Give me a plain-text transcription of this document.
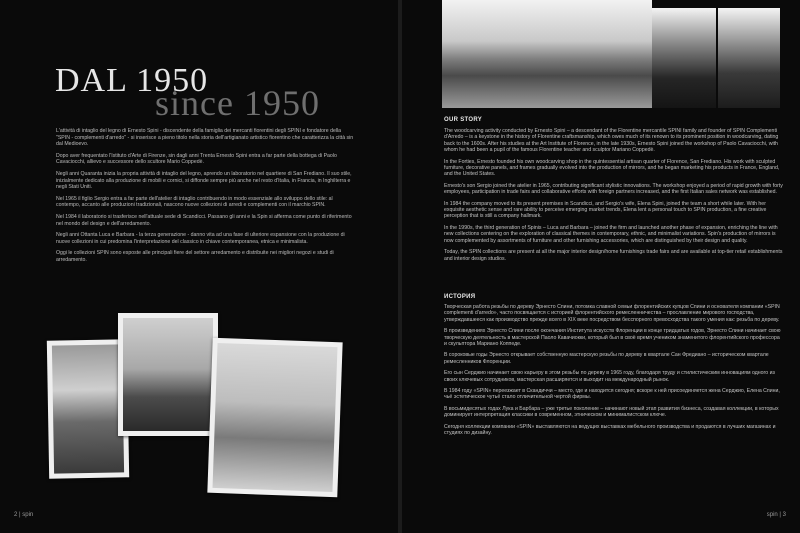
DAL 1950
since 1950

L'attività di intaglio del legno di Ernesto Spini - discendente della famiglia dei mercanti fiorentini degli SPINI e fondatore della "SPIN - complementi d'arredo" - si inserisce a pieno titolo nella storia dell'artigianato artistico fiorentino che caratterizza la città sin dal Medioevo.

Dopo aver frequentato l'Istituto d'Arte di Firenze, sin dagli anni Trenta Ernesto Spini entra a far parte della bottega di Paolo Cavaciocchi, allievo e successore dello scultore Mario Coppedè.

Negli anni Quaranta inizia la propria attività di intaglio del legno, aprendo un laboratorio nel quartiere di San Frediano. Il suo stile, inizialmente dedicato alla produzione di mobili e cornici, si diffonde sempre più anche nel resto d'Italia, in Francia, in Inghilterra e negli Stati Uniti.

Nel 1965 il figlio Sergio entra a far parte dell'atelier di intaglio contribuendo in modo essenziale allo sviluppo dello stile: al contempo, accanto alle produzioni tradizionali, nascono nuove collezioni di arredi e complementi con il marchio SPIN.

Nel 1984 il laboratorio si trasferisce nell'attuale sede di Scandicci. Passano gli anni e la Spin si afferma come punto di riferimento nel mondo del design e dell'arredamento.

Negli anni Ottanta Luca e Barbara - la terza generazione - danno vita ad una fase di ulteriore espansione con la produzione di nuove collezioni in cui predomina l'interpretazione del classico in chiave contemporanea, etnica e minimalista.

Oggi le collezioni SPIN sono esposte alle principali fiere del settore arredamento e distribuite nei migliori negozi e studi di arredamento.

2 | spin
OUR STORY

The woodcarving activity conducted by Ernesto Spini – a descendant of the Florentine mercantile SPINI family and founder of SPIN Complementi d'Arredo – is a keystone in the history of Florentine craftsmanship, which owes much of its renown to its prominent position in woodcarving, dating back to the 1600s. After his studies at the Art Institute of Florence, in the late 1930s, Ernesto Spini joined the workshop of Paolo Cavaciocchi, with whom he had been a pupil of the famous Florentine teacher and sculptor Mariano Coppedè.

In the Forties, Ernesto founded his own woodcarving shop in the quintessential artisan quarter of Florence, San Frediano. His work with sculpted furniture, decorative panels, and frames gradually evolved into the production of mirrors, and he began marketing his products in France, England, and the United States.

Ernesto's son Sergio joined the atelier in 1965, contributing significant stylistic innovations. The workshop enjoyed a period of rapid growth with forty employees, participation in trade fairs and collaborative efforts with foreign partners increased, and the first Italian sales network was established.

In 1984 the company moved to its present premises in Scandicci, and Sergio's wife, Elena Spini, joined the team a short while later. With her exquisite aesthetic sense and rare ability to perceive emerging market trends, Elena lent a personal touch to SPIN production, a fine creative perception that is still a company hallmark.

In the 1990s, the third generation of Spinis – Luca and Barbara – joined the firm and launched another phase of expansion, enriching the line with new collections centering on the exploration of classical themes in contemporary, ethnic, and minimalist variations. Spin's production of mirrors is now complemented by assortments of furniture and other furnishing accessories, which are distinguished by their design and quality.

Today, the SPIN collections are present at all the major interior design/home furnishings trade fairs and are available at top-tier retail establishments and interior design studios.

ИСТОРИЯ

Творческая работа резьбы по дереву Эрнесто Спини, потомка славной семьи флорентийских купцов Спини и основателя компании «SPIN complementi d'arredo», часто посвящается с историей флорентийского ремесленничества – прославление мирового господства, утверждавшееся как производство прежде всего в XIX веке посредством бесспорного превосходства такого умения как: резьба по дереву.

В произведениях Эрнесто Спини после окончания Института искусств Флоренции в конце тридцатых годов, Эрнесто Спини начинает свою творческую деятельность в мастерской Паоло Кавачиокки, который был в своё время учеником знаменитого флорентийского профессора и скульптора Мариано Коппеде.

В сороковые годы Эрнесто открывает собственную мастерскую резьбы по дереву в квартале Сан Фредиано – историческом квартале ремесленников Флоренции.

Его сын Серджио начинает свою карьеру в этом резьбы по дереву в 1965 году, благодаря труду и стилистическим инновациям одного из своих ключевых сотрудников, мастерская расширяется и выходит на международный рынок.

В 1984 году «SPIN» переезжает в Скандиччи – место, где и находится сегодня; вскоре к ней присоединяется жена Серджио, Елена Спини, чьё эстетическое чутьё стало отличительной чертой фирмы.

В восьмидесятых годах Лука и Барбара – уже третье поколение – начинают новый этап развития бизнеса, создавая коллекции, в которых доминирует интерпретация классики в современном, этническом и минималистском ключе.

Сегодня коллекции компании «SPIN» выставляются на ведущих выставках мебельного производства и продаются в лучших магазинах и студиях по дизайну.

spin | 3
